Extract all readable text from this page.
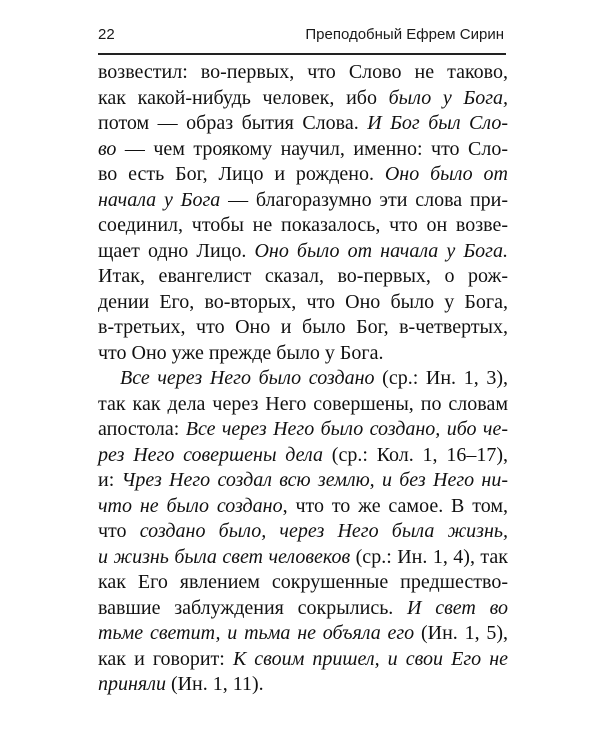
22	Преподобный Ефрем Сирин
возвестил: во-первых, что Слово не таково,
как какой-нибудь человек, ибо было у Бога,
потом — образ бытия Слова. И Бог был Сло-
во — чем троякому научил, именно: что Сло-
во есть Бог, Лицо и рождено. Оно было от
начала у Бога — благоразумно эти слова при-
соединил, чтобы не показалось, что он возве-
щает одно Лицо. Оно было от начала у Бога.
Итак, евангелист сказал, во-первых, о рож-
дении Его, во-вторых, что Оно было у Бога,
в-третьих, что Оно и было Бог, в-четвертых,
что Оно уже прежде было у Бога.
Все через Него было создано (ср.: Ин. 1, 3),
так как дела через Него совершены, по словам
апостола: Все через Него было создано, ибо че-
рез Него совершены дела (ср.: Кол. 1, 16–17),
и: Чрез Него создал всю землю, и без Него ни-
что не было создано, что то же самое. В том,
что создано было, через Него была жизнь,
и жизнь была свет человеков (ср.: Ин. 1, 4), так
как Его явлением сокрушенные предшество-
вавшие заблуждения сокрылись. И свет во
тьме светит, и тьма не объяла его (Ин. 1, 5),
как и говорит: К своим пришел, и свои Его не
приняли (Ин. 1, 11).
